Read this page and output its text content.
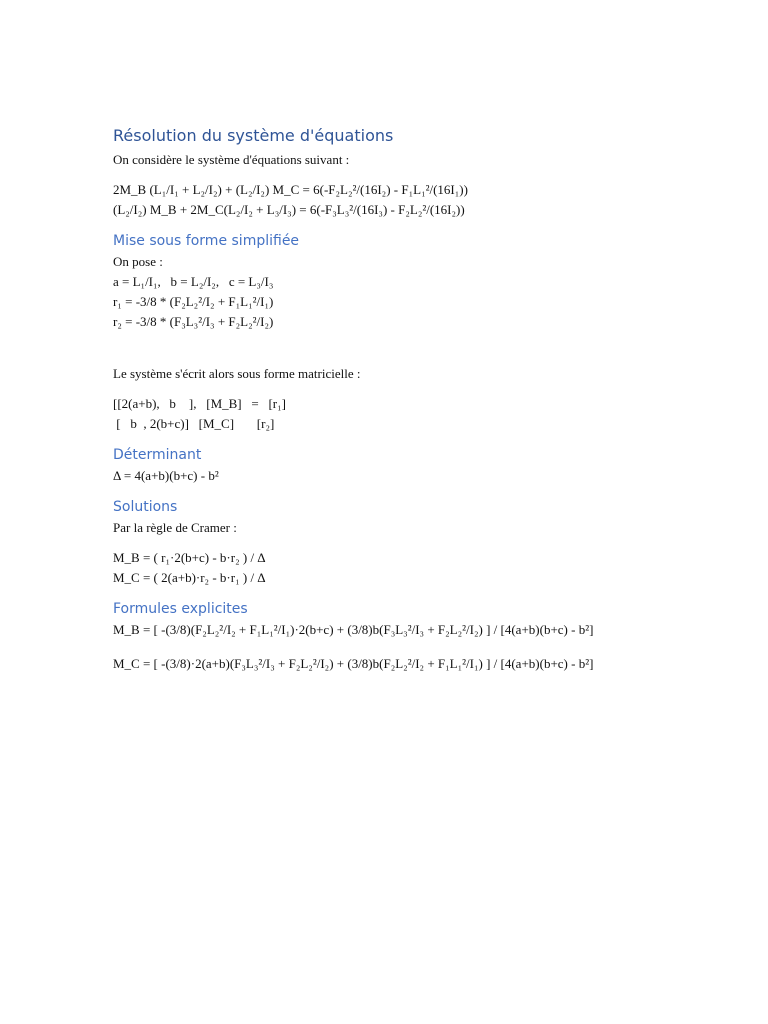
Résolution du système d'équations

On considère le système d'équations suivant :

2M_B (L₁/I₁ + L₂/I₂) + (L₂/I₂) M_C = 6(-F₂L₂²/(16I₂) - F₁L₁²/(16I₁))

(L₂/I₂) M_B + 2M_C(L₂/I₂ + L₃/I₃) = 6(-F₃L₃²/(16I₃) - F₂L₂²/(16I₂))

Mise sous forme simplifiée

On pose :

a = L₁/I₁,   b = L₂/I₂,   c = L₃/I₃

r₁ = -3/8 * (F₂L₂²/I₂ + F₁L₁²/I₁)

r₂ = -3/8 * (F₃L₃²/I₃ + F₂L₂²/I₂)

Le système s'écrit alors sous forme matricielle :

[[2(a+b),   b    ],   [M_B]   =   [r₁]

[   b  , 2(b+c)]   [M_C]       [r₂]

Déterminant

Δ = 4(a+b)(b+c) - b²

Solutions

Par la règle de Cramer :

M_B = ( r₁·2(b+c) - b·r₂ ) / Δ

M_C = ( 2(a+b)·r₂ - b·r₁ ) / Δ

Formules explicites

M_B = [ -(3/8)(F₂L₂²/I₂ + F₁L₁²/I₁)·2(b+c) + (3/8)b(F₃L₃²/I₃ + F₂L₂²/I₂) ] / [4(a+b)(b+c) - b²]

M_C = [ -(3/8)·2(a+b)(F₃L₃²/I₃ + F₂L₂²/I₂) + (3/8)b(F₂L₂²/I₂ + F₁L₁²/I₁) ] / [4(a+b)(b+c) - b²]
